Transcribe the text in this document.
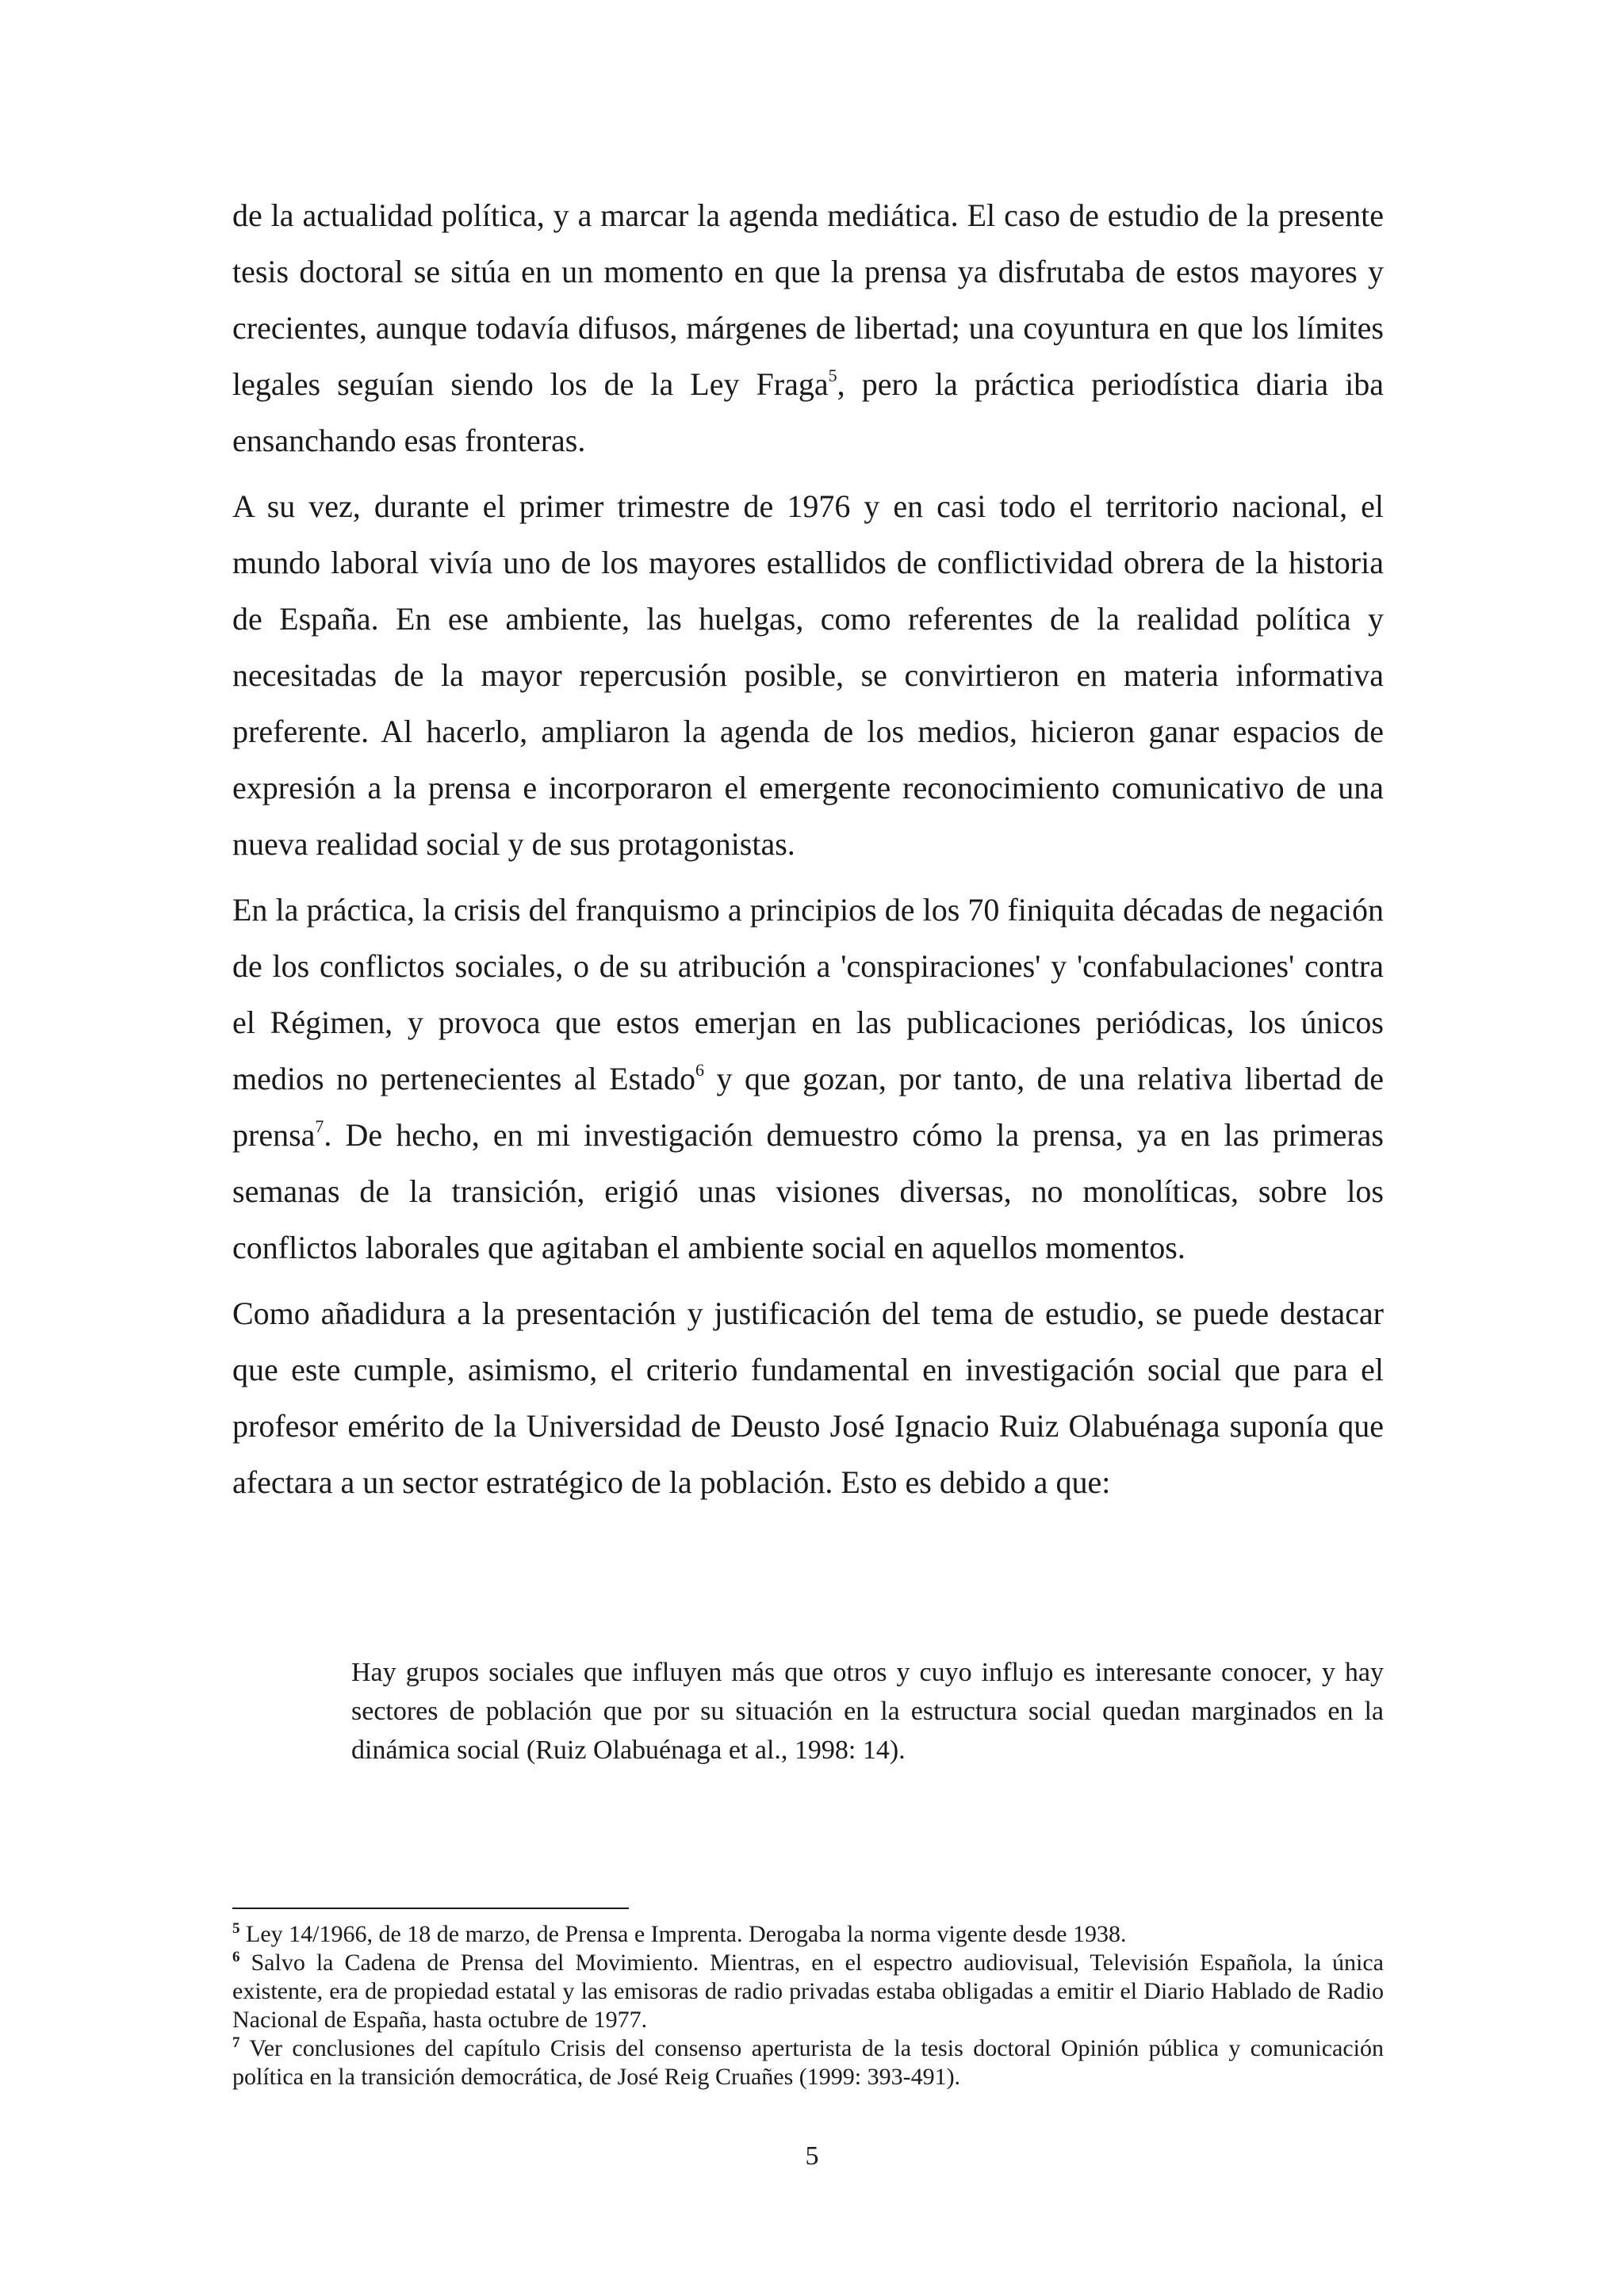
de la actualidad política, y a marcar la agenda mediática. El caso de estudio de la presente tesis doctoral se sitúa en un momento en que la prensa ya disfrutaba de estos mayores y crecientes, aunque todavía difusos, márgenes de libertad; una coyuntura en que los límites legales seguían siendo los de la Ley Fraga$^5$, pero la práctica periodística diaria iba ensanchando esas fronteras.

A su vez, durante el primer trimestre de 1976 y en casi todo el territorio nacional, el mundo laboral vivía uno de los mayores estallidos de conflictividad obrera de la historia de España. En ese ambiente, las huelgas, como referentes de la realidad política y necesitadas de la mayor repercusión posible, se convirtieron en materia informativa preferente. Al hacerlo, ampliaron la agenda de los medios, hicieron ganar espacios de expresión a la prensa e incorporaron el emergente reconocimiento comunicativo de una nueva realidad social y de sus protagonistas.

En la práctica, la crisis del franquismo a principios de los 70 finiquita décadas de negación de los conflictos sociales, o de su atribución a 'conspiraciones' y 'confabulaciones' contra el Régimen, y provoca que estos emerjan en las publicaciones periódicas, los únicos medios no pertenecientes al Estado$^6$ y que gozan, por tanto, de una relativa libertad de prensa$^7$. De hecho, en mi investigación demuestro cómo la prensa, ya en las primeras semanas de la transición, erigió unas visiones diversas, no monolíticas, sobre los conflictos laborales que agitaban el ambiente social en aquellos momentos.

Como añadidura a la presentación y justificación del tema de estudio, se puede destacar que este cumple, asimismo, el criterio fundamental en investigación social que para el profesor emérito de la Universidad de Deusto José Ignacio Ruiz Olabuénaga suponía que afectara a un sector estratégico de la población. Esto es debido a que:

Hay grupos sociales que influyen más que otros y cuyo influjo es interesante conocer, y hay sectores de población que por su situación en la estructura social quedan marginados en la dinámica social (Ruiz Olabuénaga et al., 1998: 14).

$^5$ Ley 14/1966, de 18 de marzo, de Prensa e Imprenta. Derogaba la norma vigente desde 1938.

$^6$ Salvo la Cadena de Prensa del Movimiento. Mientras, en el espectro audiovisual, Televisión Española, la única existente, era de propiedad estatal y las emisoras de radio privadas estaba obligadas a emitir el Diario Hablado de Radio Nacional de España, hasta octubre de 1977.

$^7$ Ver conclusiones del capítulo Crisis del consenso aperturista de la tesis doctoral Opinión pública y comunicación política en la transición democrática, de José Reig Cruañes (1999: 393-491).

5
